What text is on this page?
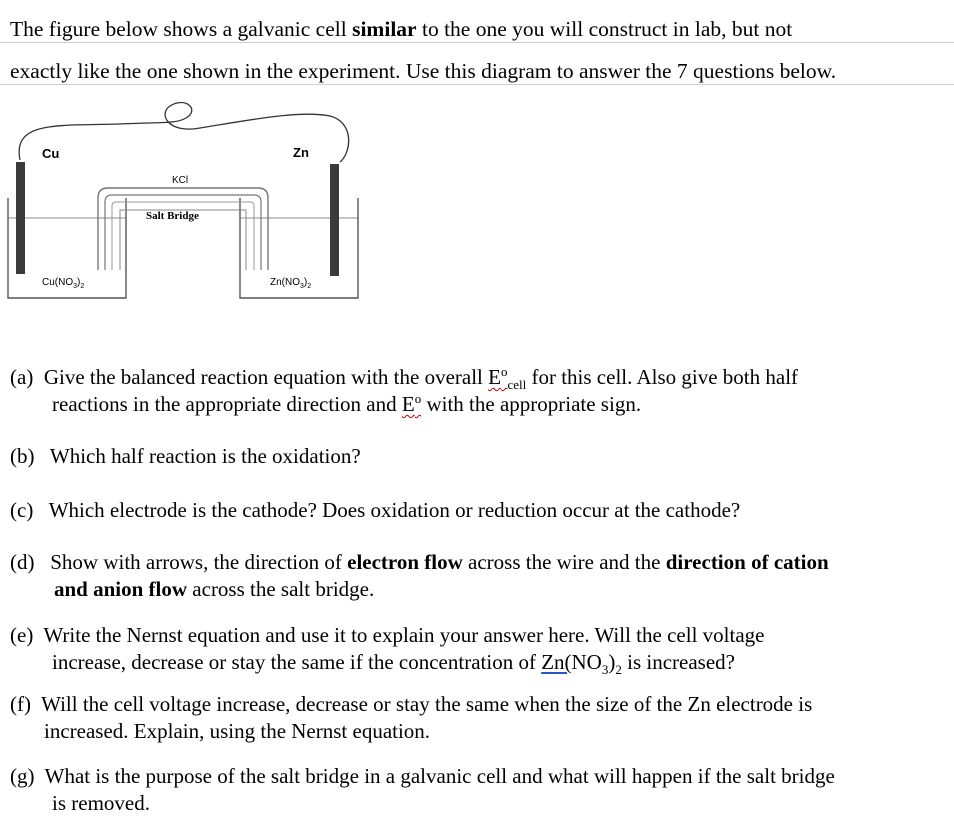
The figure below shows a galvanic cell similar to the one you will construct in lab, but not
exactly like the one shown in the experiment. Use this diagram to answer the 7 questions below.
Cu	Zn
KCl
Salt Bridge
$Cu(NO_3)_2$	$Zn(NO_3)_2$
(a) Give the balanced reaction equation with the overall $E^o_{cell}$ for this cell. Also give both half
reactions in the appropriate direction and $E^o$ with the appropriate sign.
(b) Which half reaction is the oxidation?
(c) Which electrode is the cathode? Does oxidation or reduction occur at the cathode?
(d) Show with arrows, the direction of electron flow across the wire and the direction of cation
and anion flow across the salt bridge.
(e) Write the Nernst equation and use it to explain your answer here. Will the cell voltage
increase, decrease or stay the same if the concentration of $Zn(NO_3)_2$ is increased?
(f) Will the cell voltage increase, decrease or stay the same when the size of the Zn electrode is
increased. Explain, using the Nernst equation.
(g) What is the purpose of the salt bridge in a galvanic cell and what will happen if the salt bridge
is removed.
